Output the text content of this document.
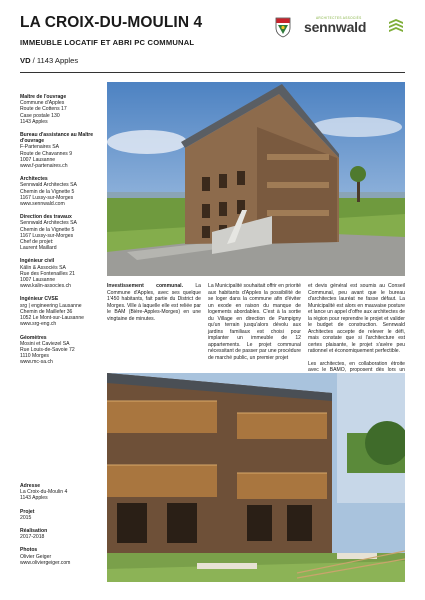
LA CROIX-DU-MOULIN 4
IMMEUBLE LOCATIF ET ABRI PC COMMUNAL
VD / 1143 Apples
ARCHITECTES ASSOCIÉS
sennwald
Maître de l'ouvrage
Commune d'Apples
Route de Cottens 17
Case postale 130
1143 Apples
Bureau d'assistance au Maître d'ouvrage
F-Partenaires SA
Route de Chavannes 9
1007 Lausanne
www.f-partenaires.ch
Architectes
Sennwald Architectes SA
Chemin de la Vignette 5
1167 Lussy-sur-Morges
www.sennwald.com
Direction des travaux
Sennwald Architectes SA
Chemin de la Vignette 5
1167 Lussy-sur-Morges
Chef de projet:
Laurent Maillard
Ingénieur civil
Kälin & Associés SA
Rue des Fontenailles 21
1007 Lausanne
www.kalin-associes.ch
Ingénieur CVSE
srg | engineering Lausanne
Chemin de Maillefer 36
1052 Le Mont-sur-Lausanne
www.srg-eng.ch
Géomètres
Mosini et Caviezel SA
Rue Louis-de-Savoie 72
1110 Morges
www.mc-sa.ch
Adresse
La Croix-du-Moulin 4
1143 Apples
Projet
2015
Réalisation
2017-2018
Photos
Olivier Geiger
www.oliviergeiger.com

Investissement communal. La Commune d'Apples, avec ses quelque 1'450 habitants, fait partie du District de Morges. Ville à laquelle elle est reliée par le BAM (Bière-Apples-Morges) en une vingtaine de minutes.

La Municipalité souhaitait offrir en priorité aux habitants d'Apples la possibilité de se loger dans la commune afin d'éviter un exode en raison du manque de logements abordables. C'est à la sortie du Village en direction de Pampigny qu'un terrain jusqu'alors dévolu aux jardins familiaux est choisi pour implanter un immeuble de 12 appartements. Le projet communal nécessitant de passer par une procédure de marché public, un premier projet

et devis général est soumis au Conseil Communal, peu avant que le bureau d'architectes lauréat ne fasse défaut. La Municipalité est alors en mauvaise posture et lance un appel d'offre aux architectes de la région pour reprendre le projet et valider le budget de construction. Sennwald Architectes accepte de relever le défi, mais constate que si l'architecture est certes plaisante, le projet s'avère peu rationnel et économiquement perfectible.

Les architectes, en collaboration étroite avec le BAMO, proposent dès lors un
